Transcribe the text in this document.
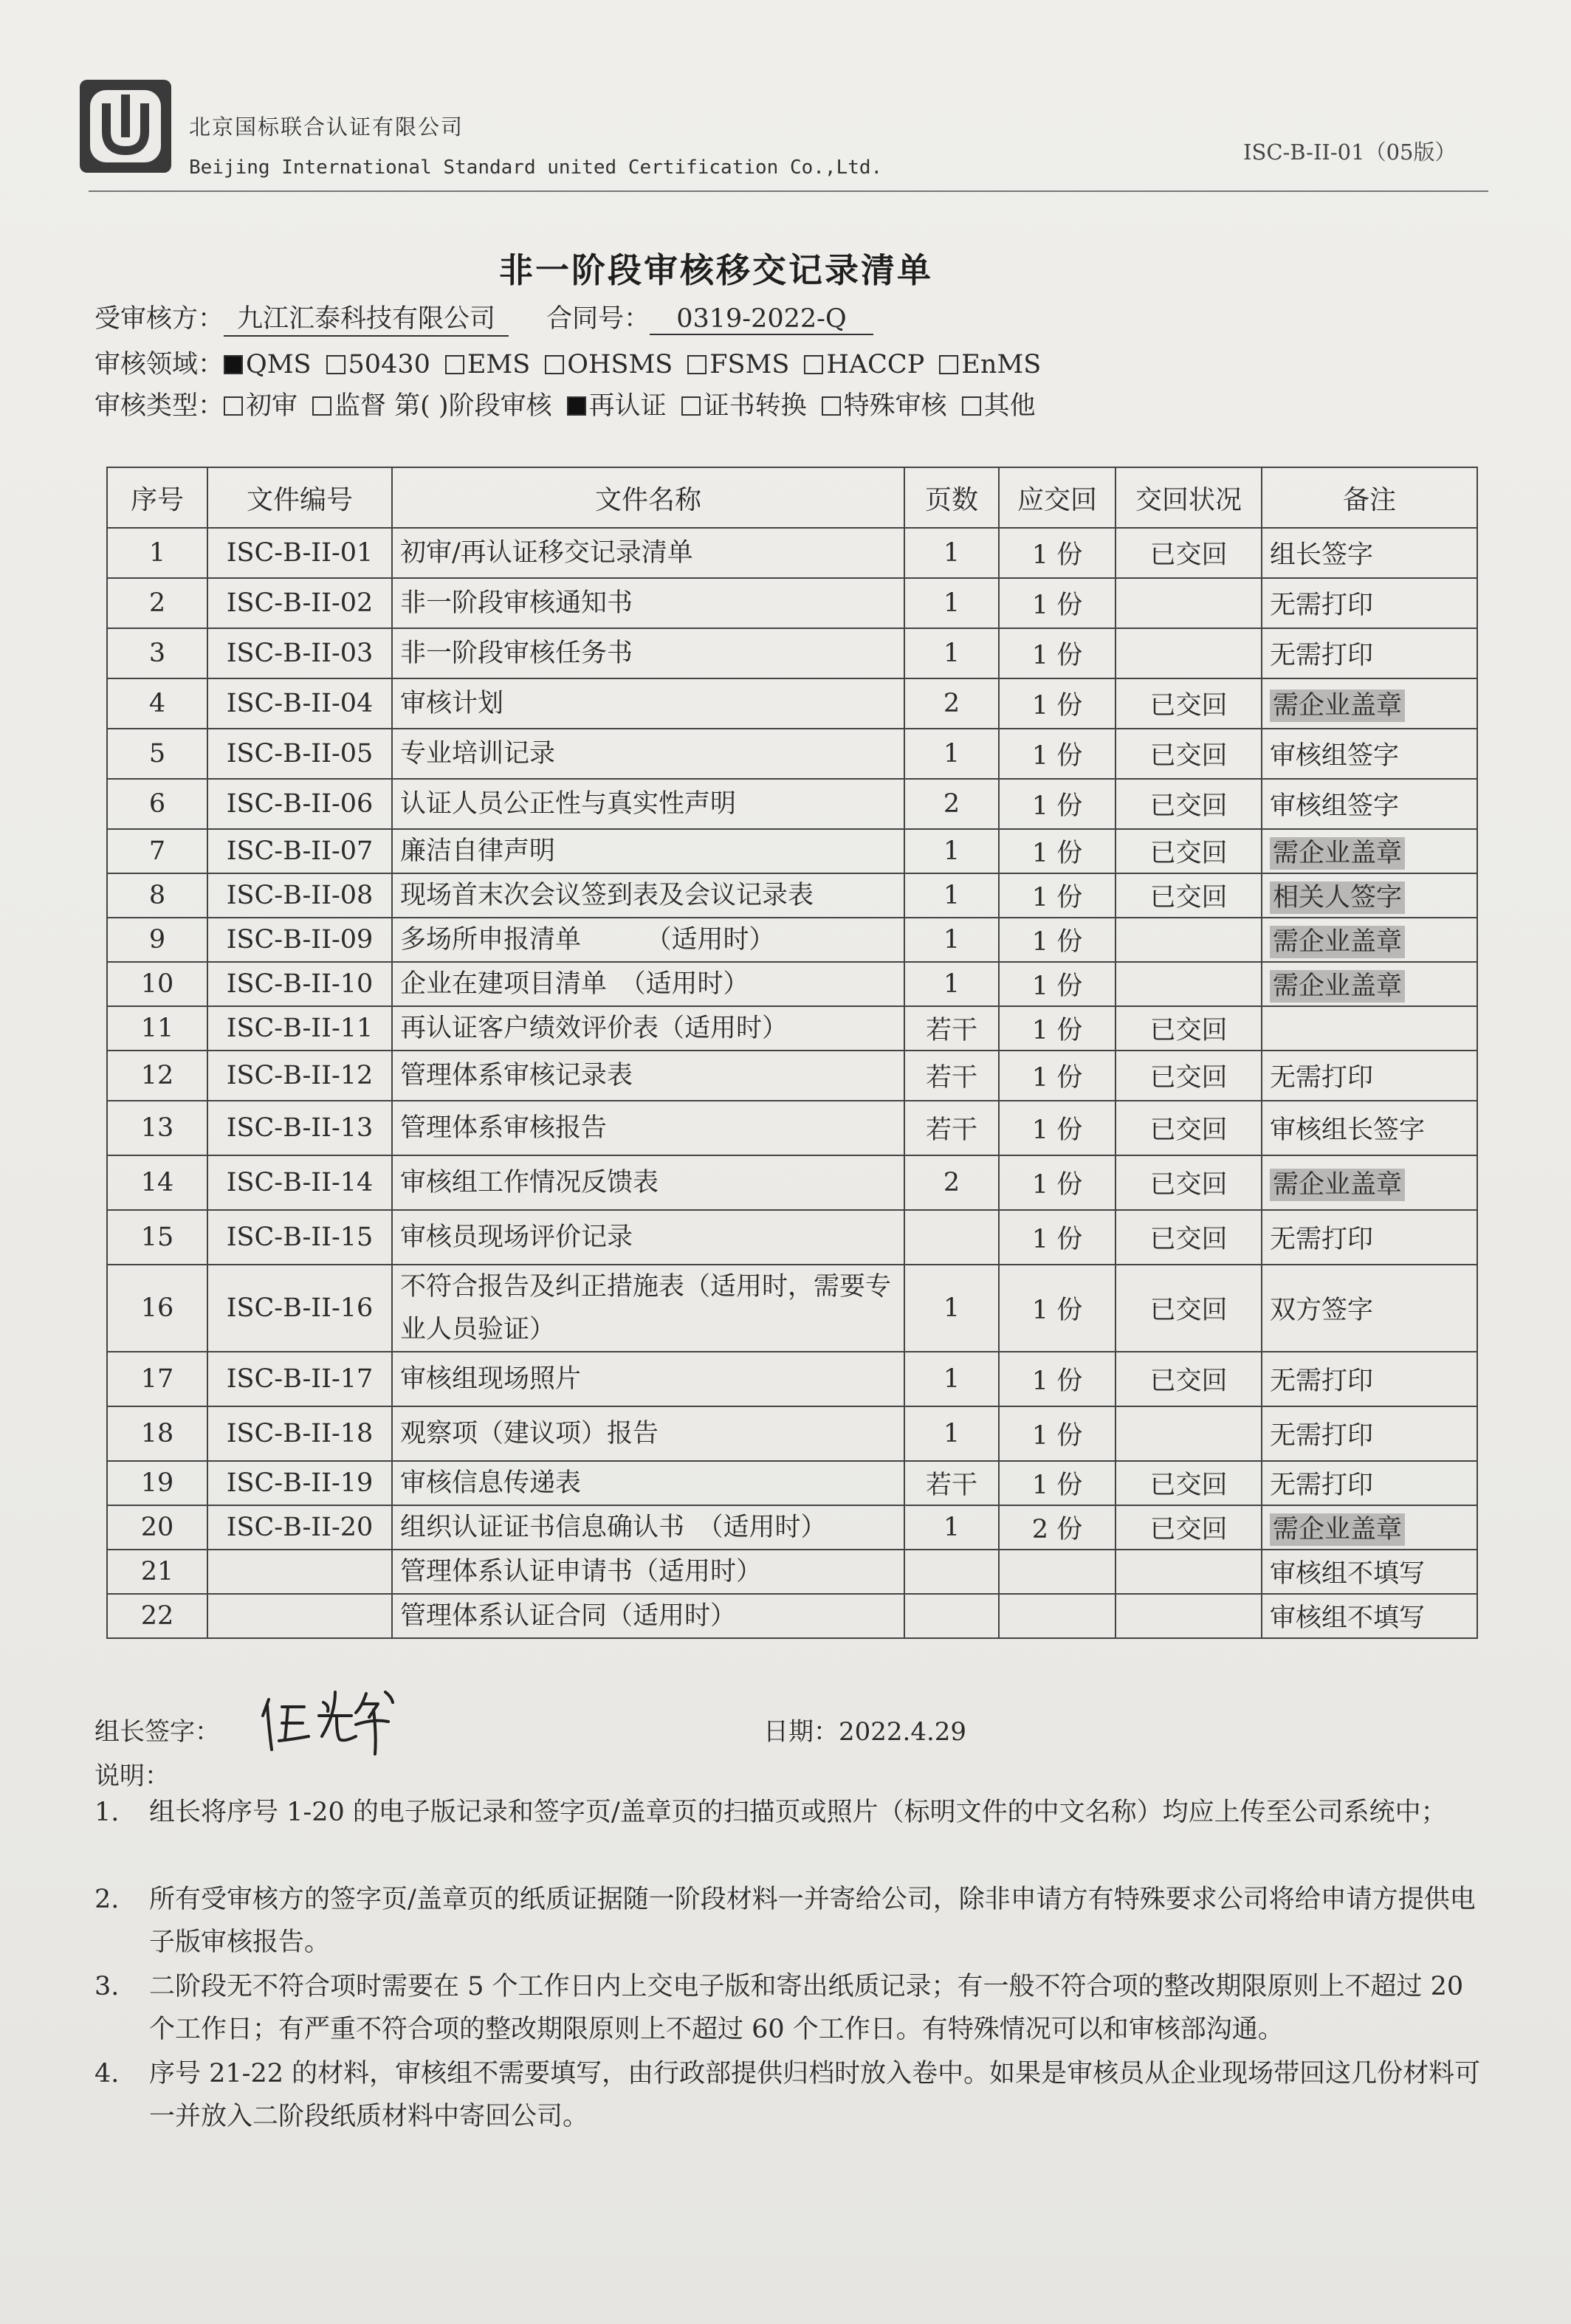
北京国标联合认证有限公司
Beijing International Standard united Certification Co.,Ltd.
ISC-B-II-01（05版）
非一阶段审核移交记录清单
受审核方： 九江汇泰科技有限公司 合同号： 0319-2022-Q
审核领域： QMS 50430 EMS OHSMS FSMS HACCP EnMS
审核类型： 初审 监督 第( )阶段审核 再认证 证书转换 特殊审核 其他
序号	文件编号	文件名称	页数	应交回	交回状况	备注
1	ISC-B-II-01	初审/再认证移交记录清单	1	1 份	已交回	组长签字
2	ISC-B-II-02	非一阶段审核通知书	1	1 份		无需打印
3	ISC-B-II-03	非一阶段审核任务书	1	1 份		无需打印
4	ISC-B-II-04	审核计划	2	1 份	已交回	需企业盖章
5	ISC-B-II-05	专业培训记录	1	1 份	已交回	审核组签字
6	ISC-B-II-06	认证人员公正性与真实性声明	2	1 份	已交回	审核组签字
7	ISC-B-II-07	廉洁自律声明	1	1 份	已交回	需企业盖章
8	ISC-B-II-08	现场首末次会议签到表及会议记录表	1	1 份	已交回	相关人签字
9	ISC-B-II-09	多场所申报清单　　　（适用时）	1	1 份		需企业盖章
10	ISC-B-II-10	企业在建项目清单　（适用时）	1	1 份		需企业盖章
11	ISC-B-II-11	再认证客户绩效评价表（适用时）	若干	1 份	已交回	
12	ISC-B-II-12	管理体系审核记录表	若干	1 份	已交回	无需打印
13	ISC-B-II-13	管理体系审核报告	若干	1 份	已交回	审核组长签字
14	ISC-B-II-14	审核组工作情况反馈表	2	1 份	已交回	需企业盖章
15	ISC-B-II-15	审核员现场评价记录		1 份	已交回	无需打印
16	ISC-B-II-16	不符合报告及纠正措施表（适用时，需要专业人员验证）	1	1 份	已交回	双方签字
17	ISC-B-II-17	审核组现场照片	1	1 份	已交回	无需打印
18	ISC-B-II-18	观察项（建议项）报告	1	1 份		无需打印
19	ISC-B-II-19	审核信息传递表	若干	1 份	已交回	无需打印
20	ISC-B-II-20	组织认证证书信息确认书　（适用时）	1	2 份	已交回	需企业盖章
21		管理体系认证申请书（适用时）				审核组不填写
22		管理体系认证合同（适用时）				审核组不填写
组长签字：	日期：2022.4.29
说明：
1. 组长将序号 1-20 的电子版记录和签字页/盖章页的扫描页或照片（标明文件的中文名称）均应上传至公司系统中；
2. 所有受审核方的签字页/盖章页的纸质证据随一阶段材料一并寄给公司，除非申请方有特殊要求公司将给申请方提供电子版审核报告。
3. 二阶段无不符合项时需要在 5 个工作日内上交电子版和寄出纸质记录；有一般不符合项的整改期限原则上不超过 20 个工作日；有严重不符合项的整改期限原则上不超过 60 个工作日。有特殊情况可以和审核部沟通。
4. 序号 21-22 的材料，审核组不需要填写，由行政部提供归档时放入卷中。如果是审核员从企业现场带回这几份材料可一并放入二阶段纸质材料中寄回公司。
